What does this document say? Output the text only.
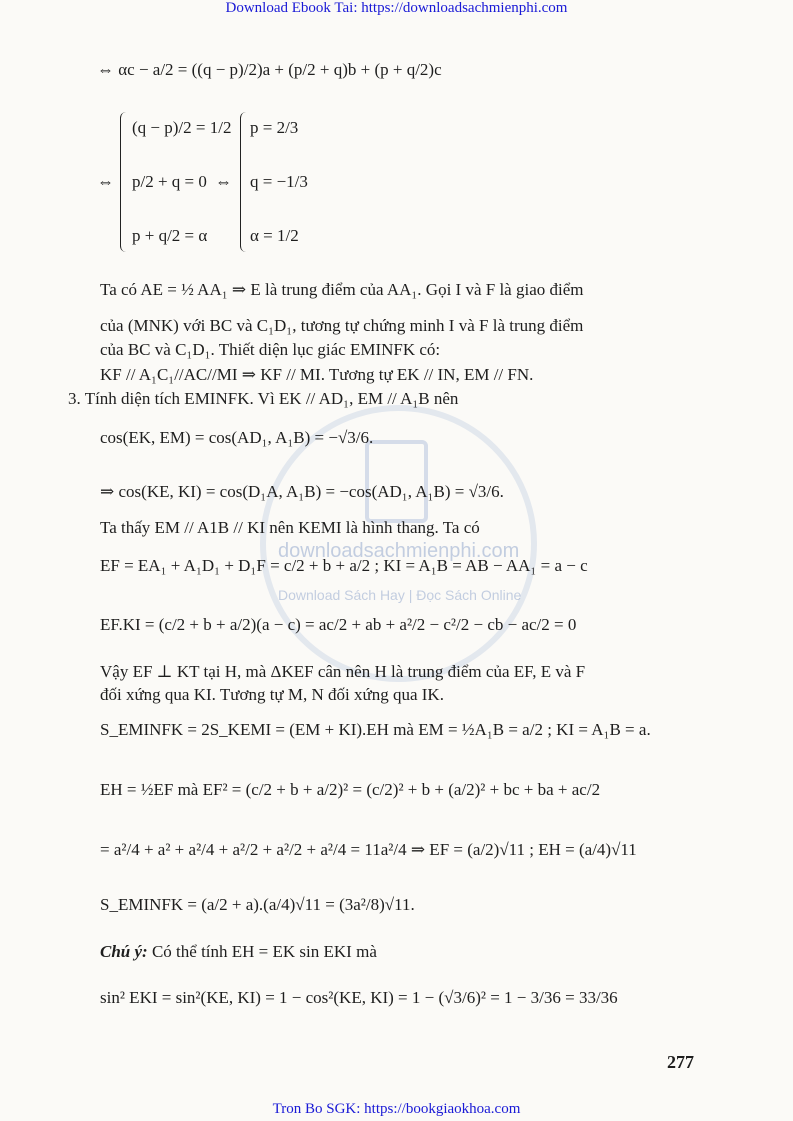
Download Ebook Tai: https://downloadsachmienphi.com
downloadsachmienphi.com
Download Sách Hay | Đọc Sách Online
⇔ αc − a/2 = ((q − p)/2)a + (p/2 + q)b + (p + q/2)c
⇔
(q − p)/2 = 1/2
p/2 + q = 0
p + q/2 = α
⇔
p = 2/3
q = −1/3
α = 1/2
Ta có AE = ½ AA₁ ⇒ E là trung điểm của AA₁. Gọi I và F là giao điểm
của (MNK) với BC và C₁D₁, tương tự chứng minh I và F là trung điểm
của BC và C₁D₁. Thiết diện lục giác EMINFK có:
KF // A₁C₁//AC//MI ⇒ KF // MI. Tương tự EK // IN, EM // FN.
3. Tính diện tích EMINFK. Vì EK // AD₁, EM // A₁B nên
cos(EK, EM) = cos(AD₁, A₁B) = −√3/6.
⇒ cos(KE, KI) = cos(D₁A, A₁B) = −cos(AD₁, A₁B) = √3/6.
Ta thấy EM // A1B // KI nên KEMI là hình thang. Ta có
EF = EA₁ + A₁D₁ + D₁F = c/2 + b + a/2 ; KI = A₁B = AB − AA₁ = a − c
EF.KI = (c/2 + b + a/2)(a − c) = ac/2 + ab + a²/2 − c²/2 − cb − ac/2 = 0
Vậy EF ⊥ KT tại H, mà ΔKEF cân nên H là trung điểm của EF, E và F
đối xứng qua KI. Tương tự M, N đối xứng qua IK.
S_EMINFK = 2S_KEMI = (EM + KI).EH mà EM = ½A₁B = a/2 ; KI = A₁B = a.
EH = ½EF mà EF² = (c/2 + b + a/2)² = (c/2)² + b + (a/2)² + bc + ba + ac/2
= a²/4 + a² + a²/4 + a²/2 + a²/2 + a²/4 = 11a²/4 ⇒ EF = (a/2)√11 ; EH = (a/4)√11
S_EMINFK = (a/2 + a).(a/4)√11 = (3a²/8)√11.
Chú ý: Có thể tính EH = EK sin EKI mà
sin² EKI = sin²(KE, KI) = 1 − cos²(KE, KI) = 1 − (√3/6)² = 1 − 3/36 = 33/36
277
Tron Bo SGK: https://bookgiaokhoa.com
